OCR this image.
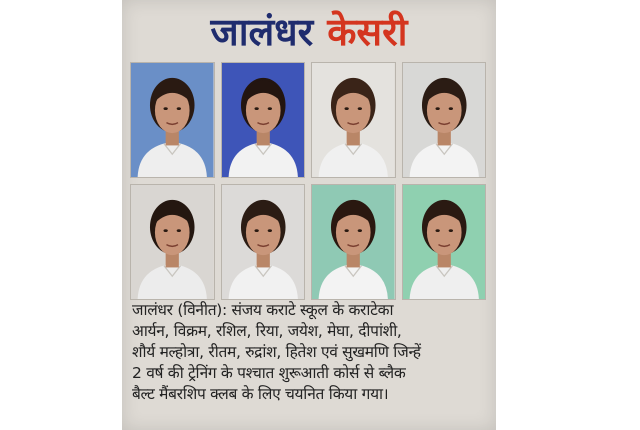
जालंधर केसरी
जालंधर (विनीत): संजय कराटे स्कूल के कराटेका
आर्यन, विक्रम, रशिल, रिया, जयेश, मेघा, दीपांशी,
शौर्य मल्होत्रा, रीतम, रुद्रांश, हितेश एवं सुखमणि जिन्हें
2 वर्ष की ट्रेनिंग के पश्चात शुरूआती कोर्स से ब्लैक
बैल्ट मैंबरशिप क्लब के लिए चयनित किया गया।
